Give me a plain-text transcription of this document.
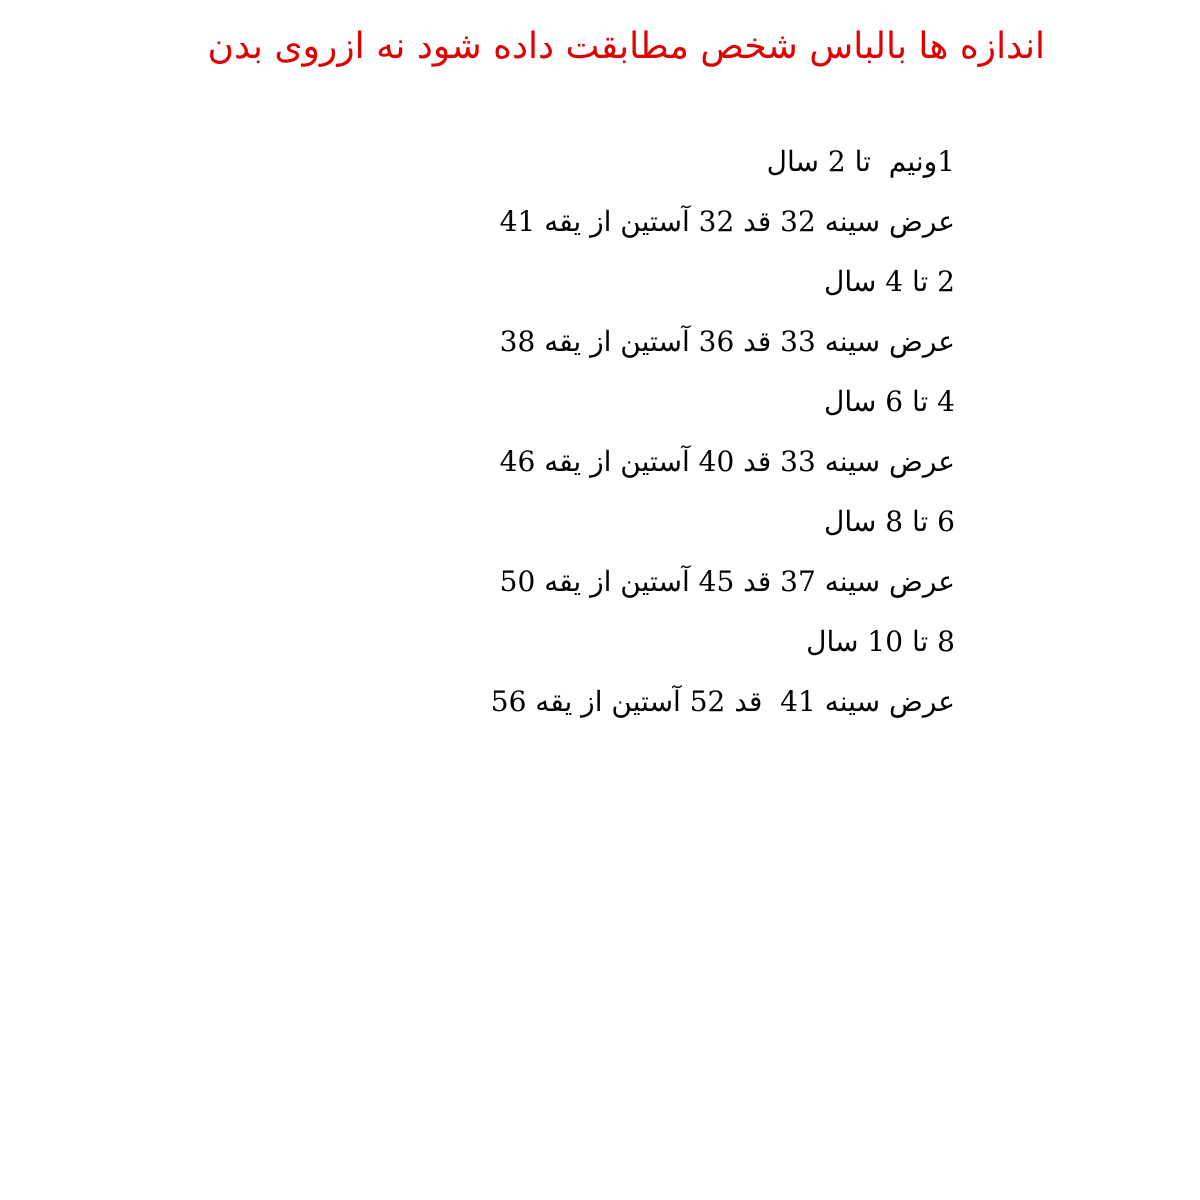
اندازه ها بالباس شخص مطابقت داده شود نه ازروی بدن
1ونیم  تا 2 سال
عرض سینه 32 قد 32 آستین از یقه 41
2 تا 4 سال
عرض سینه 33 قد 36 آستین از یقه 38
4 تا 6 سال
عرض سینه 33 قد 40 آستین از یقه 46
6 تا 8 سال
عرض سینه 37 قد 45 آستین از یقه 50
8 تا 10 سال
عرض سینه 41  قد 52 آستین از یقه 56
